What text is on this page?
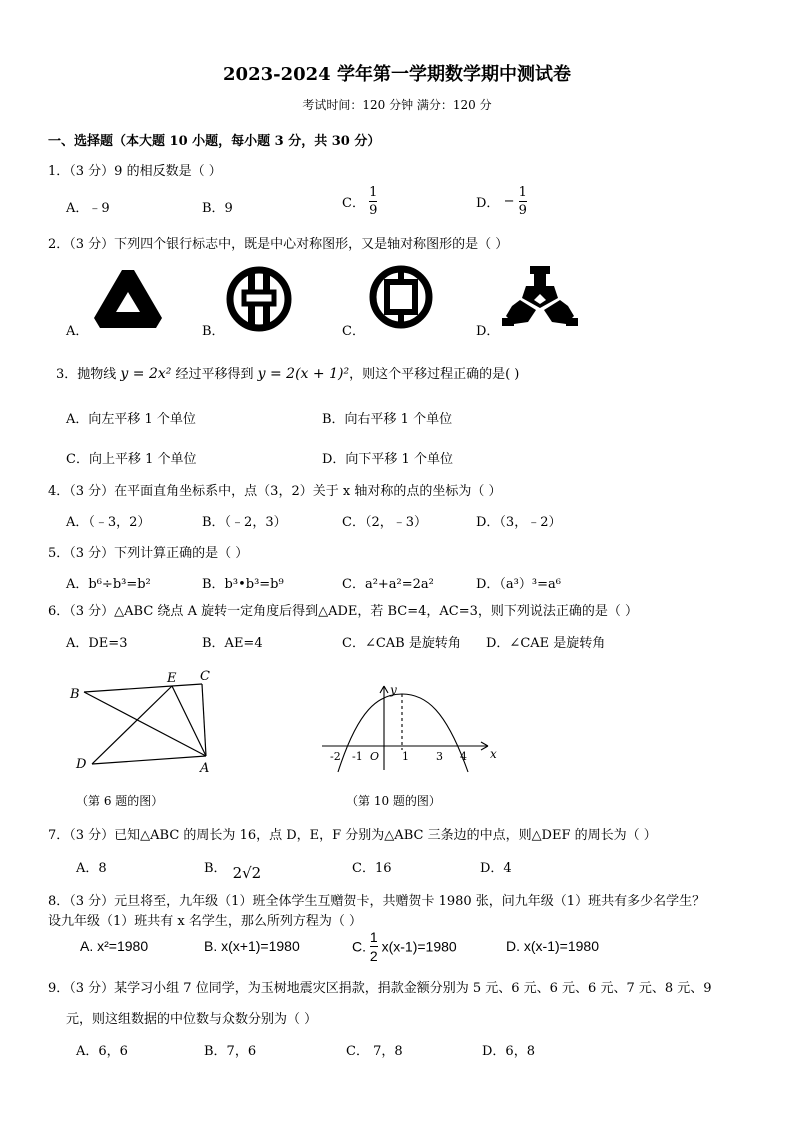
2023-2024 学年第一学期数学期中测试卷
考试时间：120 分钟 满分：120 分
一、选择题（本大题 10 小题，每小题 3 分，共 30 分）
1．（3 分）9 的相反数是（ ）
A．﹣9	B．9	C． $\frac{1}{9}$	D． − $\frac{1}{9}$
2．（3 分）下列四个银行标志中，既是中心对称图形，又是轴对称图形的是（ ）
A．	B．	C．	D．
3．抛物线 y = 2x² 经过平移得到 y = 2(x + 1)²，则这个平移过程正确的是( )
A．向左平移 1 个单位	B．向右平移 1 个单位
C．向上平移 1 个单位	D．向下平移 1 个单位
4．（3 分）在平面直角坐标系中，点（3，2）关于 x 轴对称的点的坐标为（ ）
A．（﹣3，2）	B．（﹣2，3）	C．（2，﹣3）	D．（3，﹣2）
5．（3 分）下列计算正确的是（ ）
A．b⁶÷b³=b²	B．b³•b³=b⁹	C．a²+a²=2a²	D．（a³）³=a⁶
6．（3 分）△ABC 绕点 A 旋转一定角度后得到△ADE，若 BC=4，AC=3，则下列说法正确的是（ ）
A．DE=3	B．AE=4	C．∠CAB 是旋转角 D．∠CAE 是旋转角
B
E C
D	A
（第 6 题的图）
y
x
-2 -1 O 1 3 4
（第 10 题的图）
7．（3 分）已知△ABC 的周长为 16，点 D，E，F 分别为△ABC 三条边的中点，则△DEF 的周长为（ ）
A．8	B． 2√2	C．16	D．4
8．（3 分）元旦将至，九年级（1）班全体学生互赠贺卡，共赠贺卡 1980 张，问九年级（1）班共有多少名学生？
设九年级（1）班共有 x 名学生，那么所列方程为（ ）
A. x²=1980	B. x(x+1)=1980	C. $\frac{1}{2} x(x-1)=1980$	D. x(x-1)=1980
9．（3 分）某学习小组 7 位同学，为玉树地震灾区捐款，捐款金额分别为 5 元、6 元、6 元、6 元、7 元、8 元、9
元，则这组数据的中位数与众数分别为（ ）
A．6，6	B．7，6	C． 7，8	D．6，8
